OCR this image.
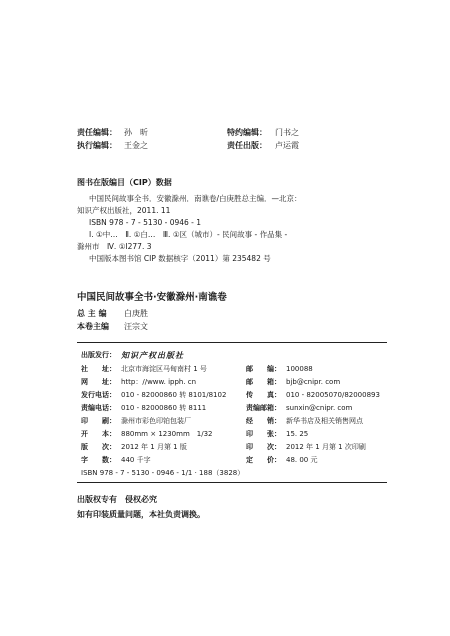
责任编辑： 孙　昕	特约编辑： 门书之
执行编辑： 王金之	责任出版： 卢运霞
图书在版编目（CIP）数据
中国民间故事全书．安徽滁州．南谯卷/白庚胜总主编．—北京：
知识产权出版社，2011. 11
ISBN 978 - 7 - 5130 - 0946 - 1
Ⅰ. ①中…　Ⅱ. ①白…　Ⅲ. ①区（城市）- 民间故事 - 作品集 -
滁州市　Ⅳ. ①I277. 3
中国版本图书馆 CIP 数据核字（2011）第 235482 号
中国民间故事全书·安徽滁州·南谯卷
总 主 编 白庚胜
本卷主编 汪宗文
出版发行： 知识产权出版社
社　　址： 北京市海淀区马甸南村 1 号	邮　　编： 100088
网　　址： http：//www. ipph. cn	邮　　箱： bjb@cnipr. com
发行电话： 010 - 82000860 转 8101/8102	传　　真： 010 - 82005070/82000893
责编电话： 010 - 82000860 转 8111	责编邮箱： sunxin@cnipr. com
印　　刷： 滁州市彩色印铂包装厂	经　　销： 新华书店及相关销售网点
开　　本： 880mm × 1230mm　1/32	印　　张： 15. 25
版　　次： 2012 年 1 月第 1 版	印　　次： 2012 年 1 月第 1 次印刷
字　　数： 440 千字	定　　价： 48. 00 元
ISBN 978 - 7 - 5130 - 0946 - 1/1 · 188（3828）
出版权专有　侵权必究
如有印装质量问题，本社负责调换。
